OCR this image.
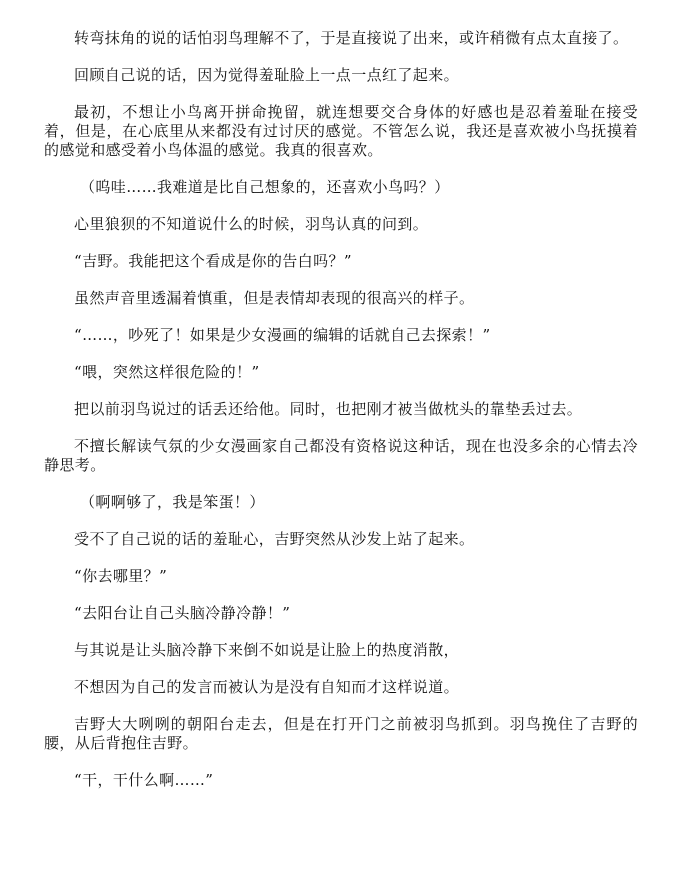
转弯抹角的说的话怕羽鸟理解不了，于是直接说了出来，或许稍微有点太直接了。

回顾自己说的话，因为觉得羞耻脸上一点一点红了起来。

最初，不想让小鸟离开拼命挽留，就连想要交合身体的好感也是忍着羞耻在接受着，但是，在心底里从来都没有过讨厌的感觉。不管怎么说，我还是喜欢被小鸟抚摸着的感觉和感受着小鸟体温的感觉。我真的很喜欢。

（呜哇……我难道是比自己想象的，还喜欢小鸟吗？）

心里狼狈的不知道说什么的时候，羽鸟认真的问到。

“吉野。我能把这个看成是你的告白吗？”

虽然声音里透漏着慎重，但是表情却表现的很高兴的样子。

“……，吵死了！如果是少女漫画的编辑的话就自己去探索！”

“喂，突然这样很危险的！”

把以前羽鸟说过的话丢还给他。同时，也把刚才被当做枕头的靠垫丢过去。

不擅长解读气氛的少女漫画家自己都没有资格说这种话，现在也没多余的心情去冷静思考。

（啊啊够了，我是笨蛋！）

受不了自己说的话的羞耻心，吉野突然从沙发上站了起来。

“你去哪里？”

“去阳台让自己头脑冷静冷静！”

与其说是让头脑冷静下来倒不如说是让脸上的热度消散，

不想因为自己的发言而被认为是没有自知而才这样说道。

吉野大大咧咧的朝阳台走去，但是在打开门之前被羽鸟抓到。羽鸟挽住了吉野的腰，从后背抱住吉野。

“干，干什么啊……”
